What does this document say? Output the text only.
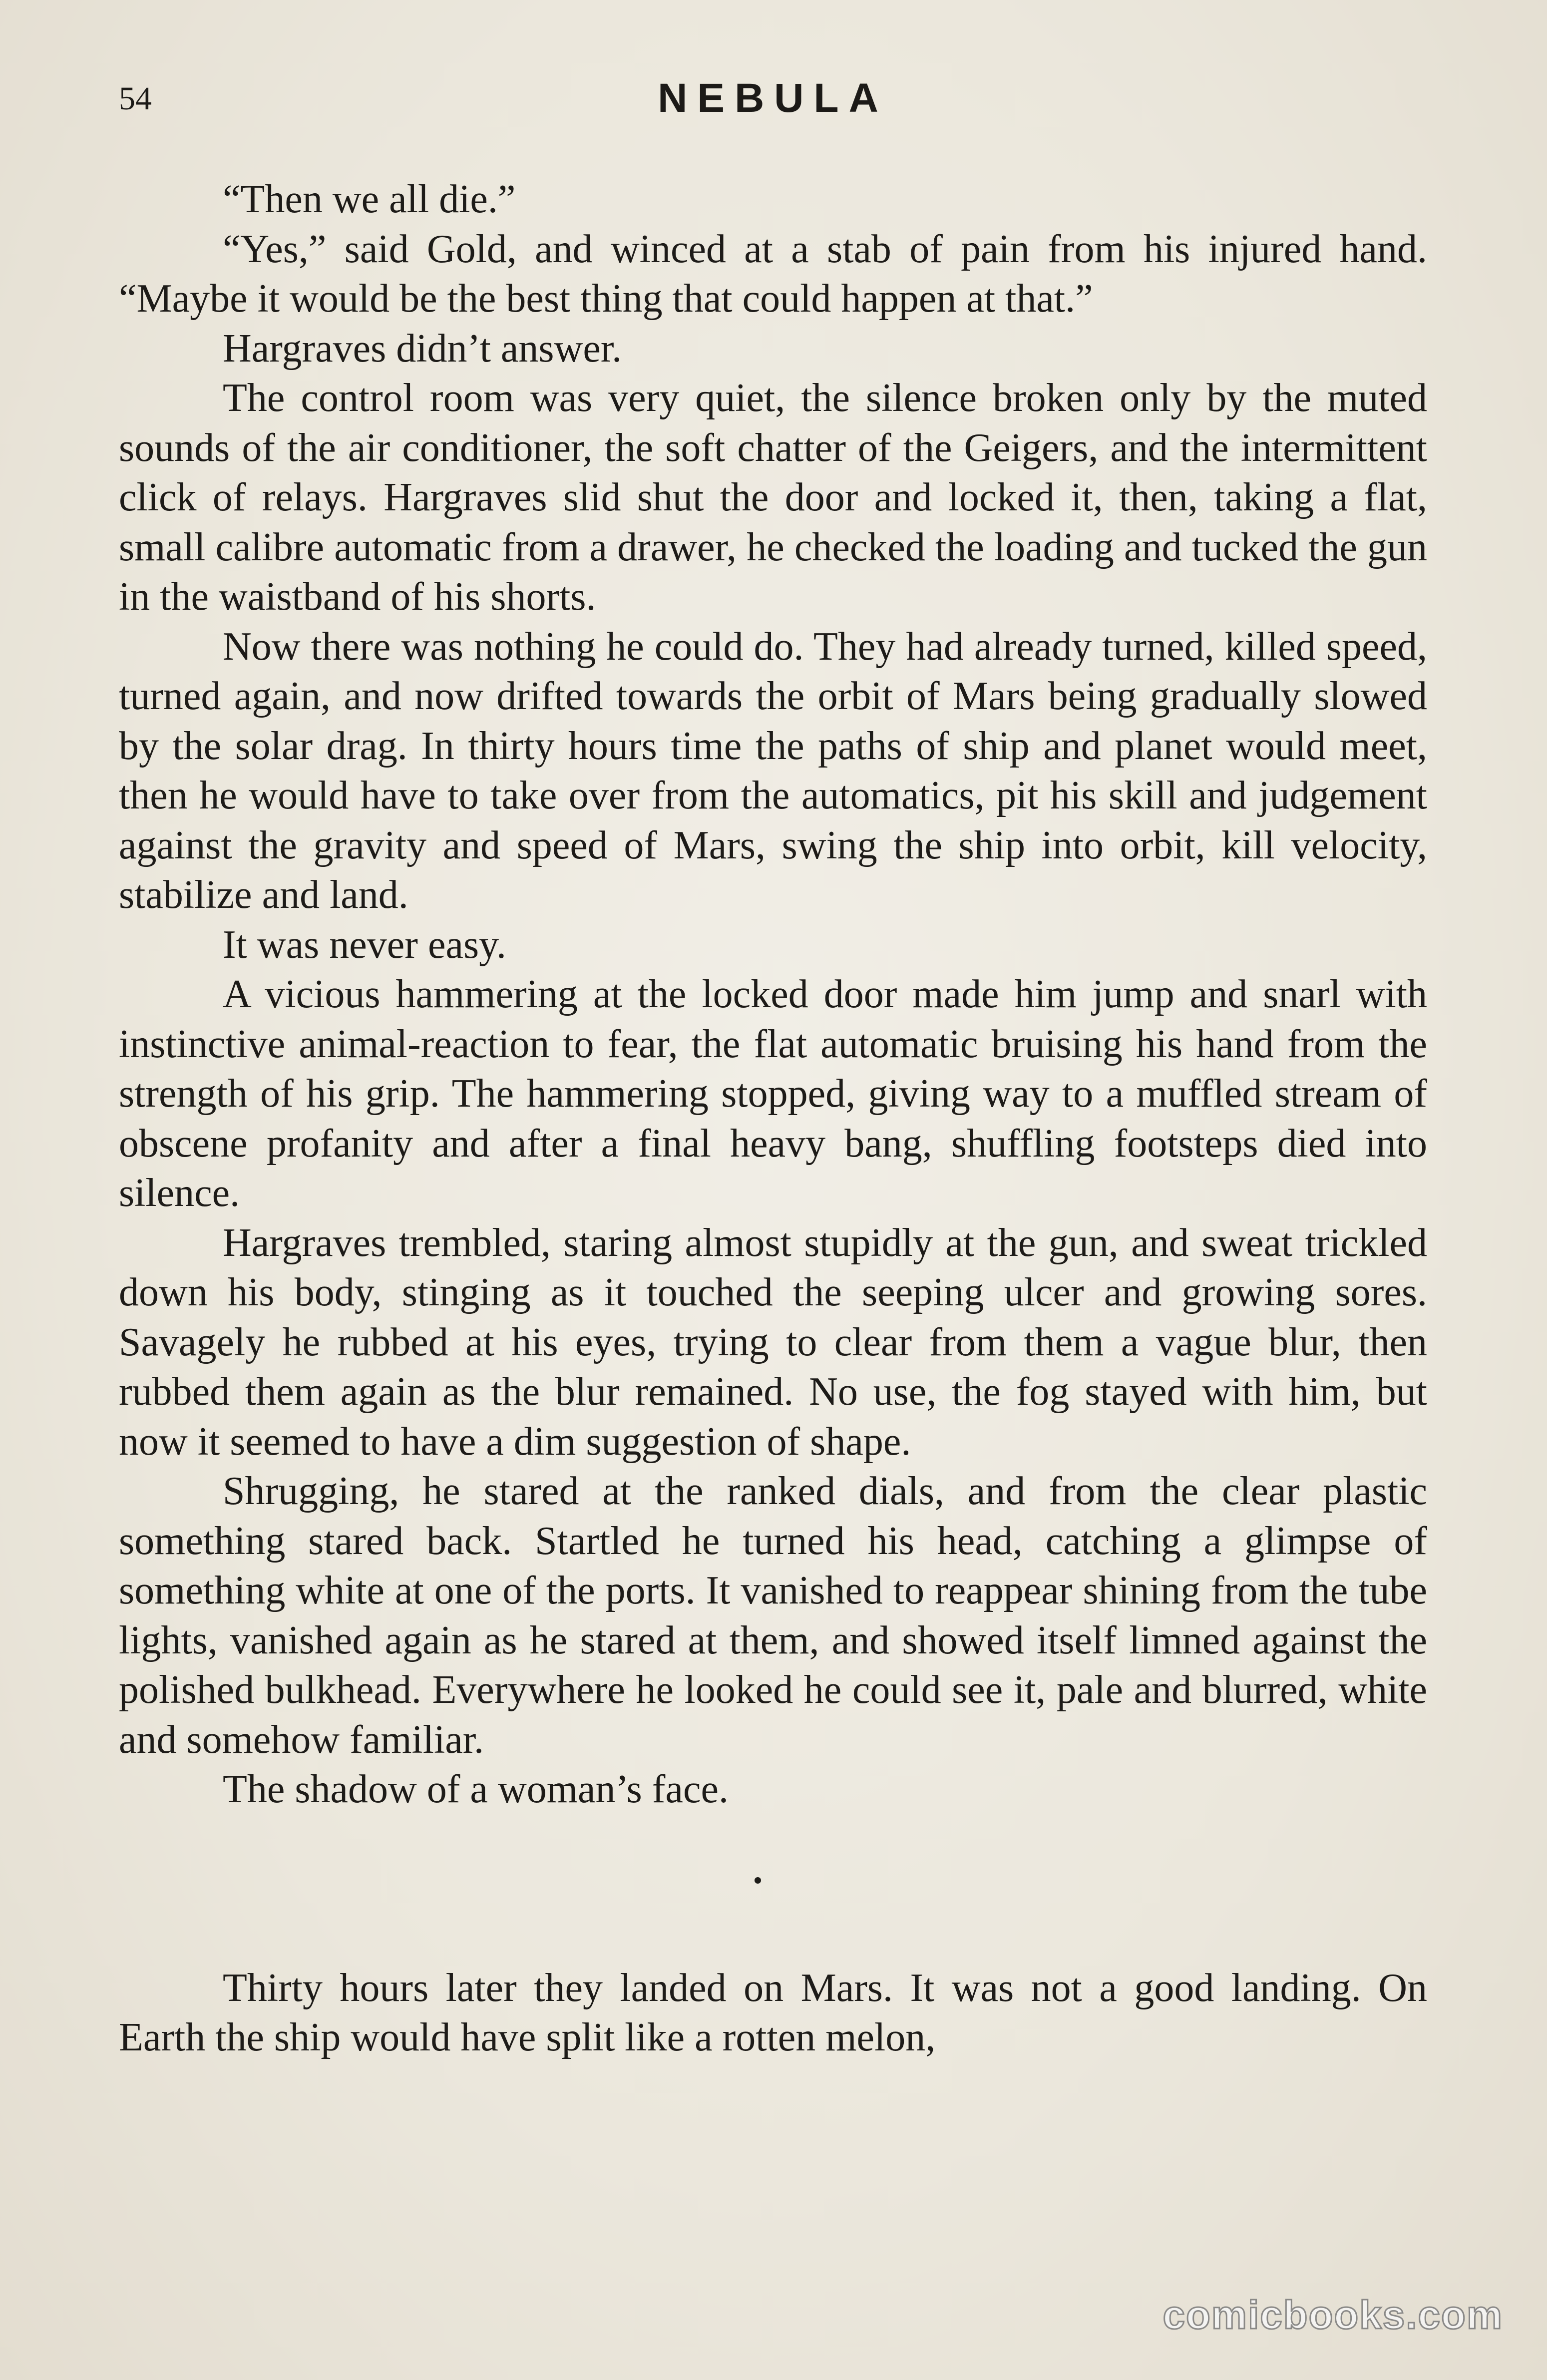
54	NEBULA

“Then we all die.”

“Yes,” said Gold, and winced at a stab of pain from his injured hand. “Maybe it would be the best thing that could happen at that.”

Hargraves didn’t answer.

The control room was very quiet, the silence broken only by the muted sounds of the air conditioner, the soft chatter of the Geigers, and the intermittent click of relays. Hargraves slid shut the door and locked it, then, taking a flat, small calibre automatic from a drawer, he checked the loading and tucked the gun in the waistband of his shorts.

Now there was nothing he could do. They had already turned, killed speed, turned again, and now drifted towards the orbit of Mars being gradually slowed by the solar drag. In thirty hours time the paths of ship and planet would meet, then he would have to take over from the automatics, pit his skill and judgement against the gravity and speed of Mars, swing the ship into orbit, kill velocity, stabilize and land.

It was never easy.

A vicious hammering at the locked door made him jump and snarl with instinctive animal-reaction to fear, the flat automatic bruising his hand from the strength of his grip. The hammering stopped, giving way to a muffled stream of obscene profanity and after a final heavy bang, shuffling footsteps died into silence.

Hargraves trembled, staring almost stupidly at the gun, and sweat trickled down his body, stinging as it touched the seeping ulcer and growing sores. Savagely he rubbed at his eyes, trying to clear from them a vague blur, then rubbed them again as the blur remained. No use, the fog stayed with him, but now it seemed to have a dim suggestion of shape.

Shrugging, he stared at the ranked dials, and from the clear plastic something stared back. Startled he turned his head, catching a glimpse of something white at one of the ports. It vanished to reappear shining from the tube lights, vanished again as he stared at them, and showed itself limned against the polished bulkhead. Everywhere he looked he could see it, pale and blurred, white and somehow familiar.

The shadow of a woman’s face.

Thirty hours later they landed on Mars. It was not a good landing. On Earth the ship would have split like a rotten melon,

comicbooks.com
